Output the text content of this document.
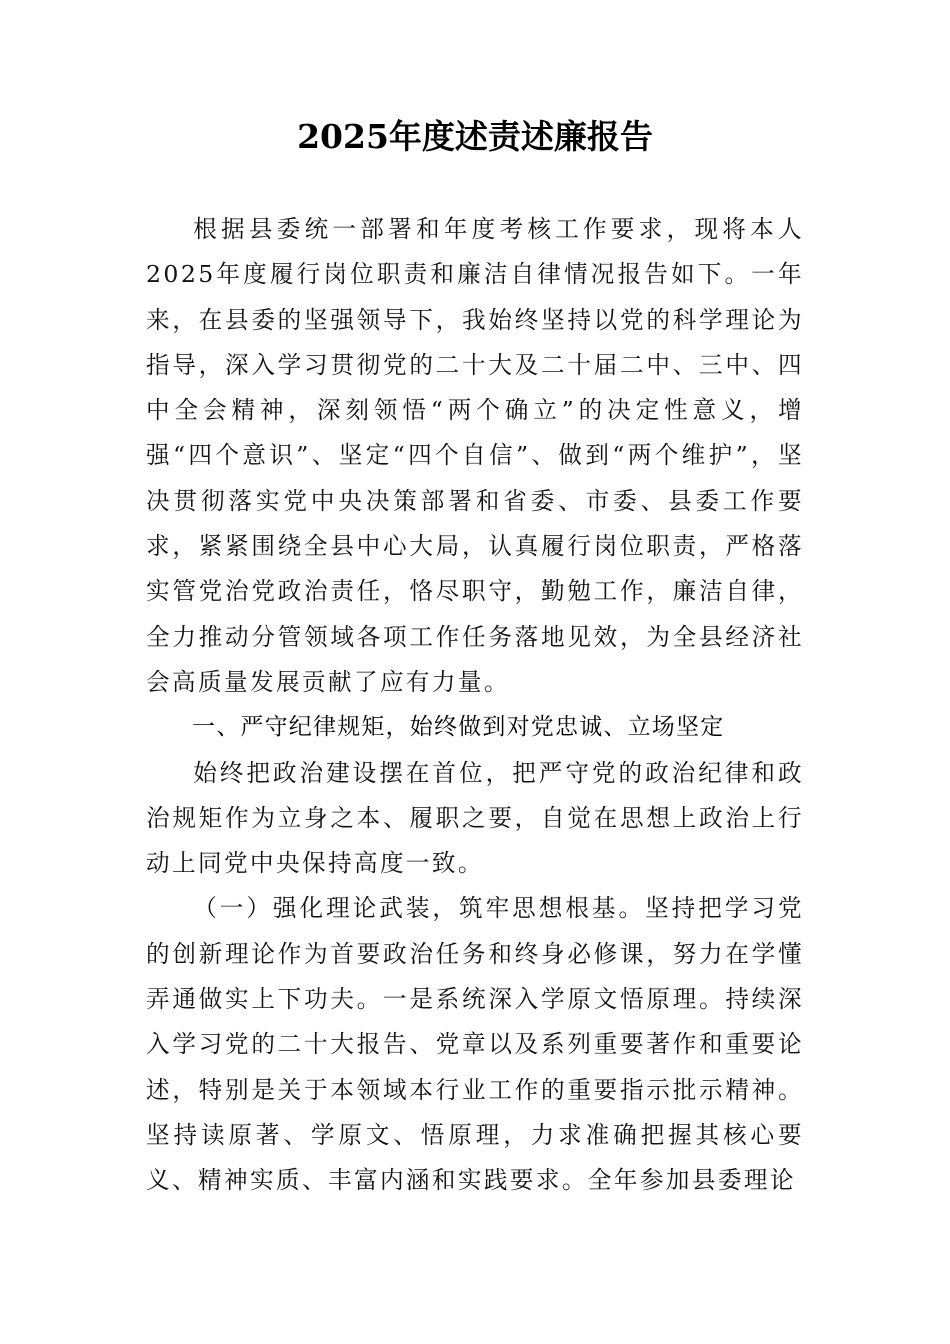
2025年度述责述廉报告

根据县委统一部署和年度考核工作要求，现将本人2025年度履行岗位职责和廉洁自律情况报告如下。一年来，在县委的坚强领导下，我始终坚持以党的科学理论为指导，深入学习贯彻党的二十大及二十届二中、三中、四中全会精神，深刻领悟“两个确立”的决定性意义，增强“四个意识”、坚定“四个自信”、做到“两个维护”，坚决贯彻落实党中央决策部署和省委、市委、县委工作要求，紧紧围绕全县中心大局，认真履行岗位职责，严格落实管党治党政治责任，恪尽职守，勤勉工作，廉洁自律，全力推动分管领域各项工作任务落地见效，为全县经济社会高质量发展贡献了应有力量。

一、严守纪律规矩，始终做到对党忠诚、立场坚定

始终把政治建设摆在首位，把严守党的政治纪律和政治规矩作为立身之本、履职之要，自觉在思想上政治上行动上同党中央保持高度一致。

（一）强化理论武装，筑牢思想根基。坚持把学习党的创新理论作为首要政治任务和终身必修课，努力在学懂弄通做实上下功夫。一是系统深入学原文悟原理。持续深入学习党的二十大报告、党章以及系列重要著作和重要论述，特别是关于本领域本行业工作的重要指示批示精神。坚持读原著、学原文、悟原理，力求准确把握其核心要义、精神实质、丰富内涵和实践要求。全年参加县委理论
